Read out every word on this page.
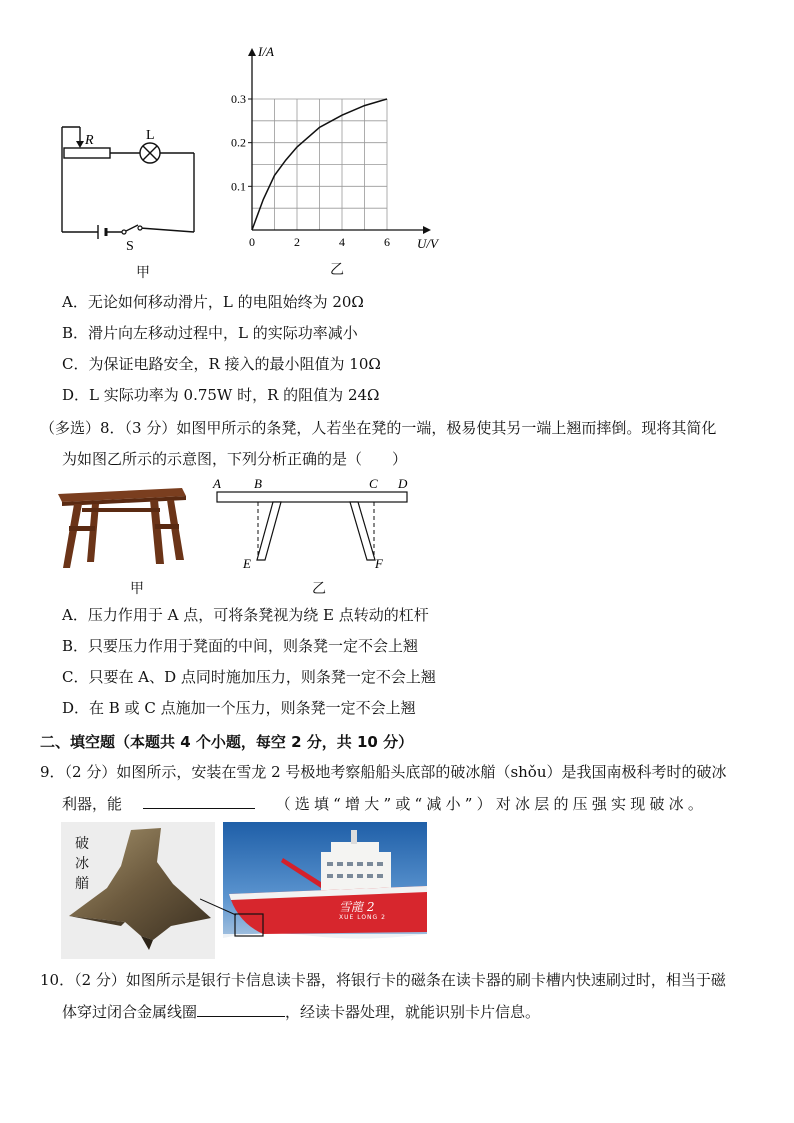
R	L
S
甲
0	2	4	6
0.1
0.2
0.3
I/A
U/V
乙
A．无论如何移动滑片，L 的电阻始终为 20Ω
B．滑片向左移动过程中，L 的实际功率减小
C．为保证电路安全，R 接入的最小阻值为 10Ω
D．L 实际功率为 0.75W 时，R 的阻值为 24Ω
（多选）8．（3 分）如图甲所示的条凳，人若坐在凳的一端，极易使其另一端上翘而摔倒。现将其简化
为如图乙所示的示意图，下列分析正确的是（　　）
甲
A	B	C D
E	F
乙
A．压力作用于 A 点，可将条凳视为绕 E 点转动的杠杆
B．只要压力作用于凳面的中间，则条凳一定不会上翘
C．只要在 A、D 点同时施加压力，则条凳一定不会上翘
D．在 B 或 C 点施加一个压力，则条凳一定不会上翘
二、填空题（本题共 4 个小题，每空 2 分，共 10 分）
9．（2 分）如图所示，安装在雪龙 2 号极地考察船船头底部的破冰艏（shǒu）是我国南极科考时的破冰
利器，能	（选填“增大”或“减小”）对冰层的压强实现破冰。
破冰艏
雪龍 2
XUE LONG 2
10．（2 分）如图所示是银行卡信息读卡器，将银行卡的磁条在读卡器的刷卡槽内快速刷过时，相当于磁
体穿过闭合金属线圈	，经读卡器处理，就能识别卡片信息。
